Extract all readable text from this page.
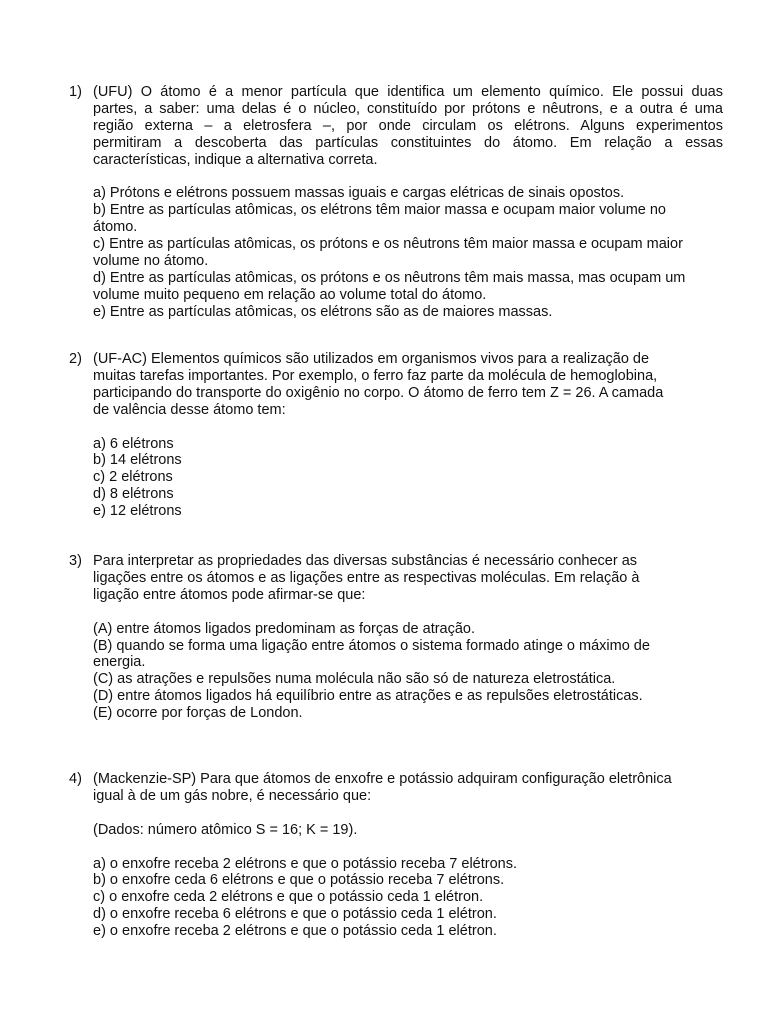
1) (UFU) O átomo é a menor partícula que identifica um elemento químico. Ele possui duas
partes, a saber: uma delas é o núcleo, constituído por prótons e nêutrons, e a outra é uma
região externa – a eletrosfera –, por onde circulam os elétrons. Alguns experimentos
permitiram a descoberta das partículas constituintes do átomo. Em relação a essas
características, indique a alternativa correta.
a) Prótons e elétrons possuem massas iguais e cargas elétricas de sinais opostos.
b) Entre as partículas atômicas, os elétrons têm maior massa e ocupam maior volume no
átomo.
c) Entre as partículas atômicas, os prótons e os nêutrons têm maior massa e ocupam maior
volume no átomo.
d) Entre as partículas atômicas, os prótons e os nêutrons têm mais massa, mas ocupam um
volume muito pequeno em relação ao volume total do átomo.
e) Entre as partículas atômicas, os elétrons são as de maiores massas.
2) (UF-AC) Elementos químicos são utilizados em organismos vivos para a realização de
muitas tarefas importantes. Por exemplo, o ferro faz parte da molécula de hemoglobina,
participando do transporte do oxigênio no corpo. O átomo de ferro tem Z = 26. A camada
de valência desse átomo tem:
a) 6 elétrons
b) 14 elétrons
c) 2 elétrons
d) 8 elétrons
e) 12 elétrons
3) Para interpretar as propriedades das diversas substâncias é necessário conhecer as
ligações entre os átomos e as ligações entre as respectivas moléculas. Em relação à
ligação entre átomos pode afirmar-se que:
(A) entre átomos ligados predominam as forças de atração.
(B) quando se forma uma ligação entre átomos o sistema formado atinge o máximo de
energia.
(C) as atrações e repulsões numa molécula não são só de natureza eletrostática.
(D) entre átomos ligados há equilíbrio entre as atrações e as repulsões eletrostáticas.
(E) ocorre por forças de London.
4) (Mackenzie-SP) Para que átomos de enxofre e potássio adquiram configuração eletrônica
igual à de um gás nobre, é necessário que:
(Dados: número atômico S = 16; K = 19).
a) o enxofre receba 2 elétrons e que o potássio receba 7 elétrons.
b) o enxofre ceda 6 elétrons e que o potássio receba 7 elétrons.
c) o enxofre ceda 2 elétrons e que o potássio ceda 1 elétron.
d) o enxofre receba 6 elétrons e que o potássio ceda 1 elétron.
e) o enxofre receba 2 elétrons e que o potássio ceda 1 elétron.
